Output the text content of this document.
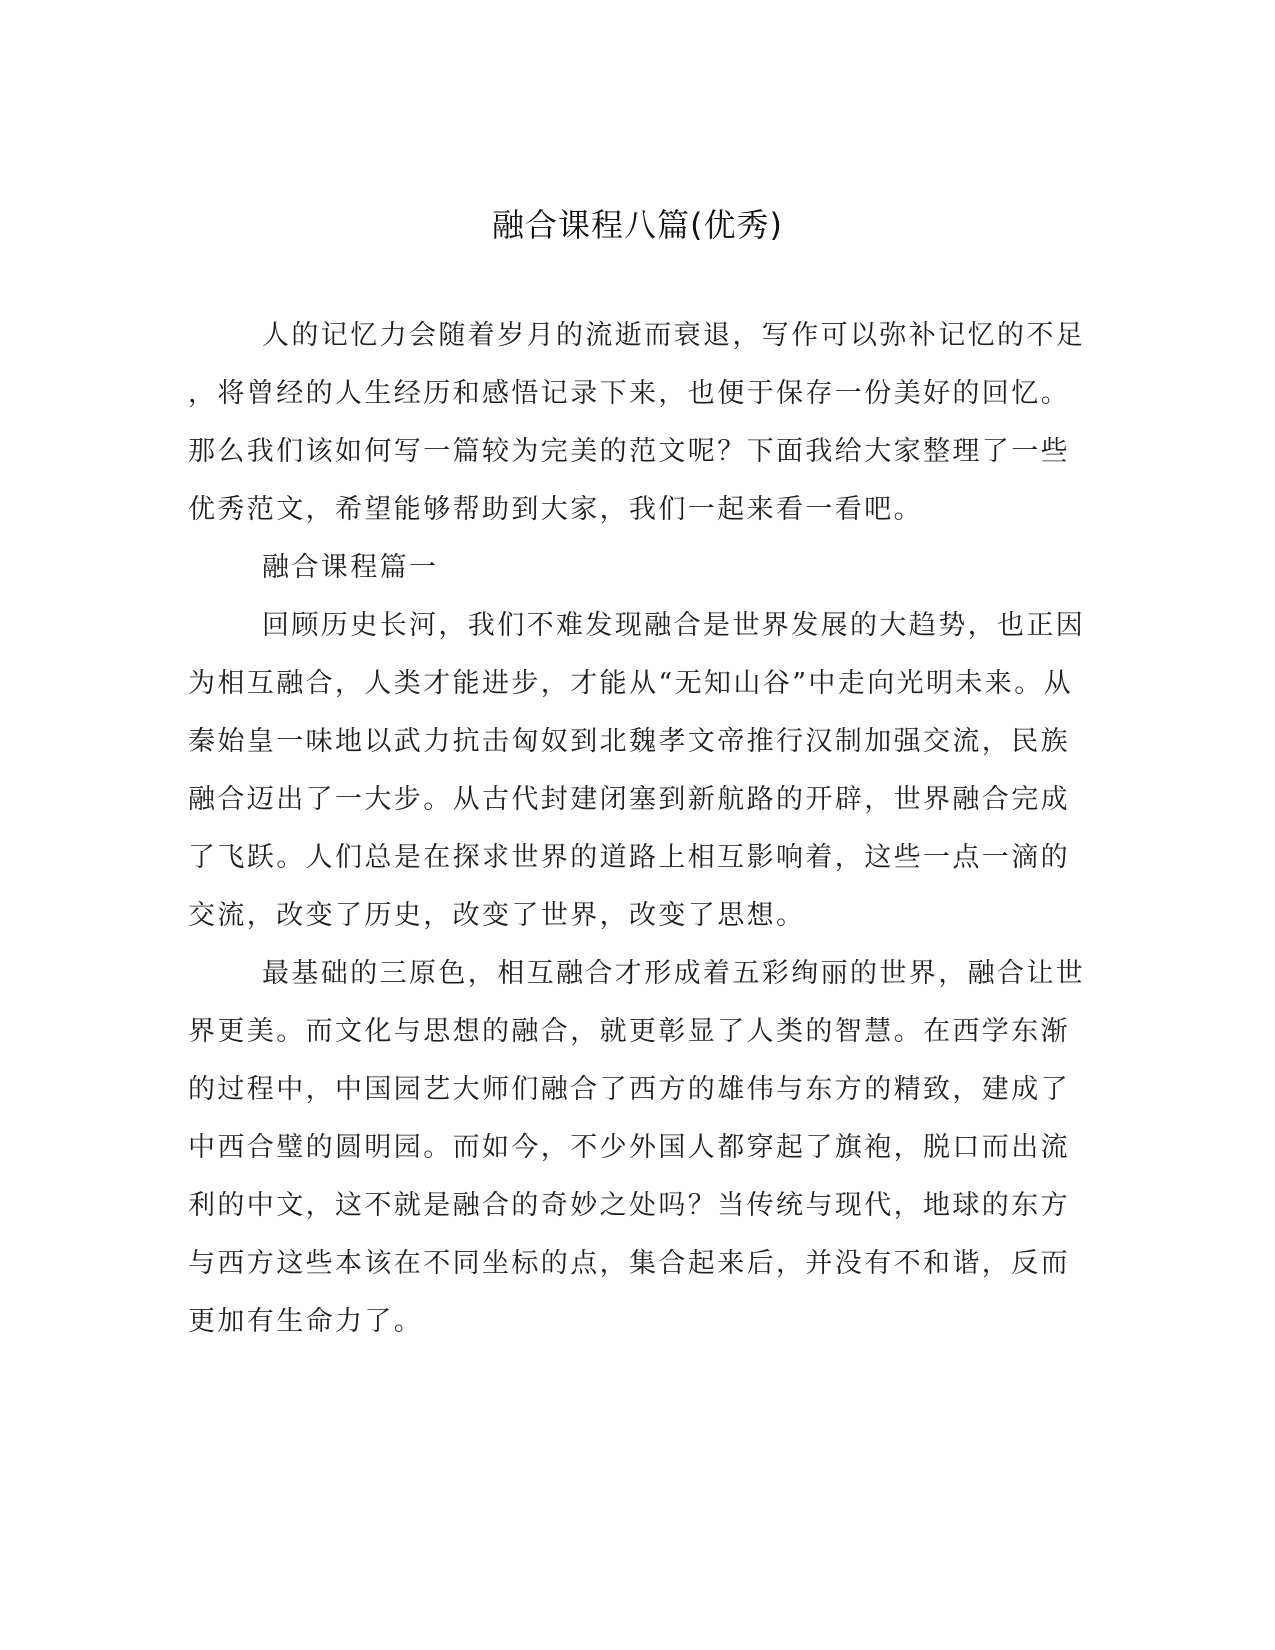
融合课程八篇(优秀)
人的记忆力会随着岁月的流逝而衰退，写作可以弥补记忆的不足
，将曾经的人生经历和感悟记录下来，也便于保存一份美好的回忆。
那么我们该如何写一篇较为完美的范文呢？下面我给大家整理了一些
优秀范文，希望能够帮助到大家，我们一起来看一看吧。
融合课程篇一
回顾历史长河，我们不难发现融合是世界发展的大趋势，也正因
为相互融合，人类才能进步，才能从“无知山谷”中走向光明未来。从
秦始皇一味地以武力抗击匈奴到北魏孝文帝推行汉制加强交流，民族
融合迈出了一大步。从古代封建闭塞到新航路的开辟，世界融合完成
了飞跃。人们总是在探求世界的道路上相互影响着，这些一点一滴的
交流，改变了历史，改变了世界，改变了思想。
最基础的三原色，相互融合才形成着五彩绚丽的世界，融合让世
界更美。而文化与思想的融合，就更彰显了人类的智慧。在西学东渐
的过程中，中国园艺大师们融合了西方的雄伟与东方的精致，建成了
中西合璧的圆明园。而如今，不少外国人都穿起了旗袍，脱口而出流
利的中文，这不就是融合的奇妙之处吗？当传统与现代，地球的东方
与西方这些本该在不同坐标的点，集合起来后，并没有不和谐，反而
更加有生命力了。
